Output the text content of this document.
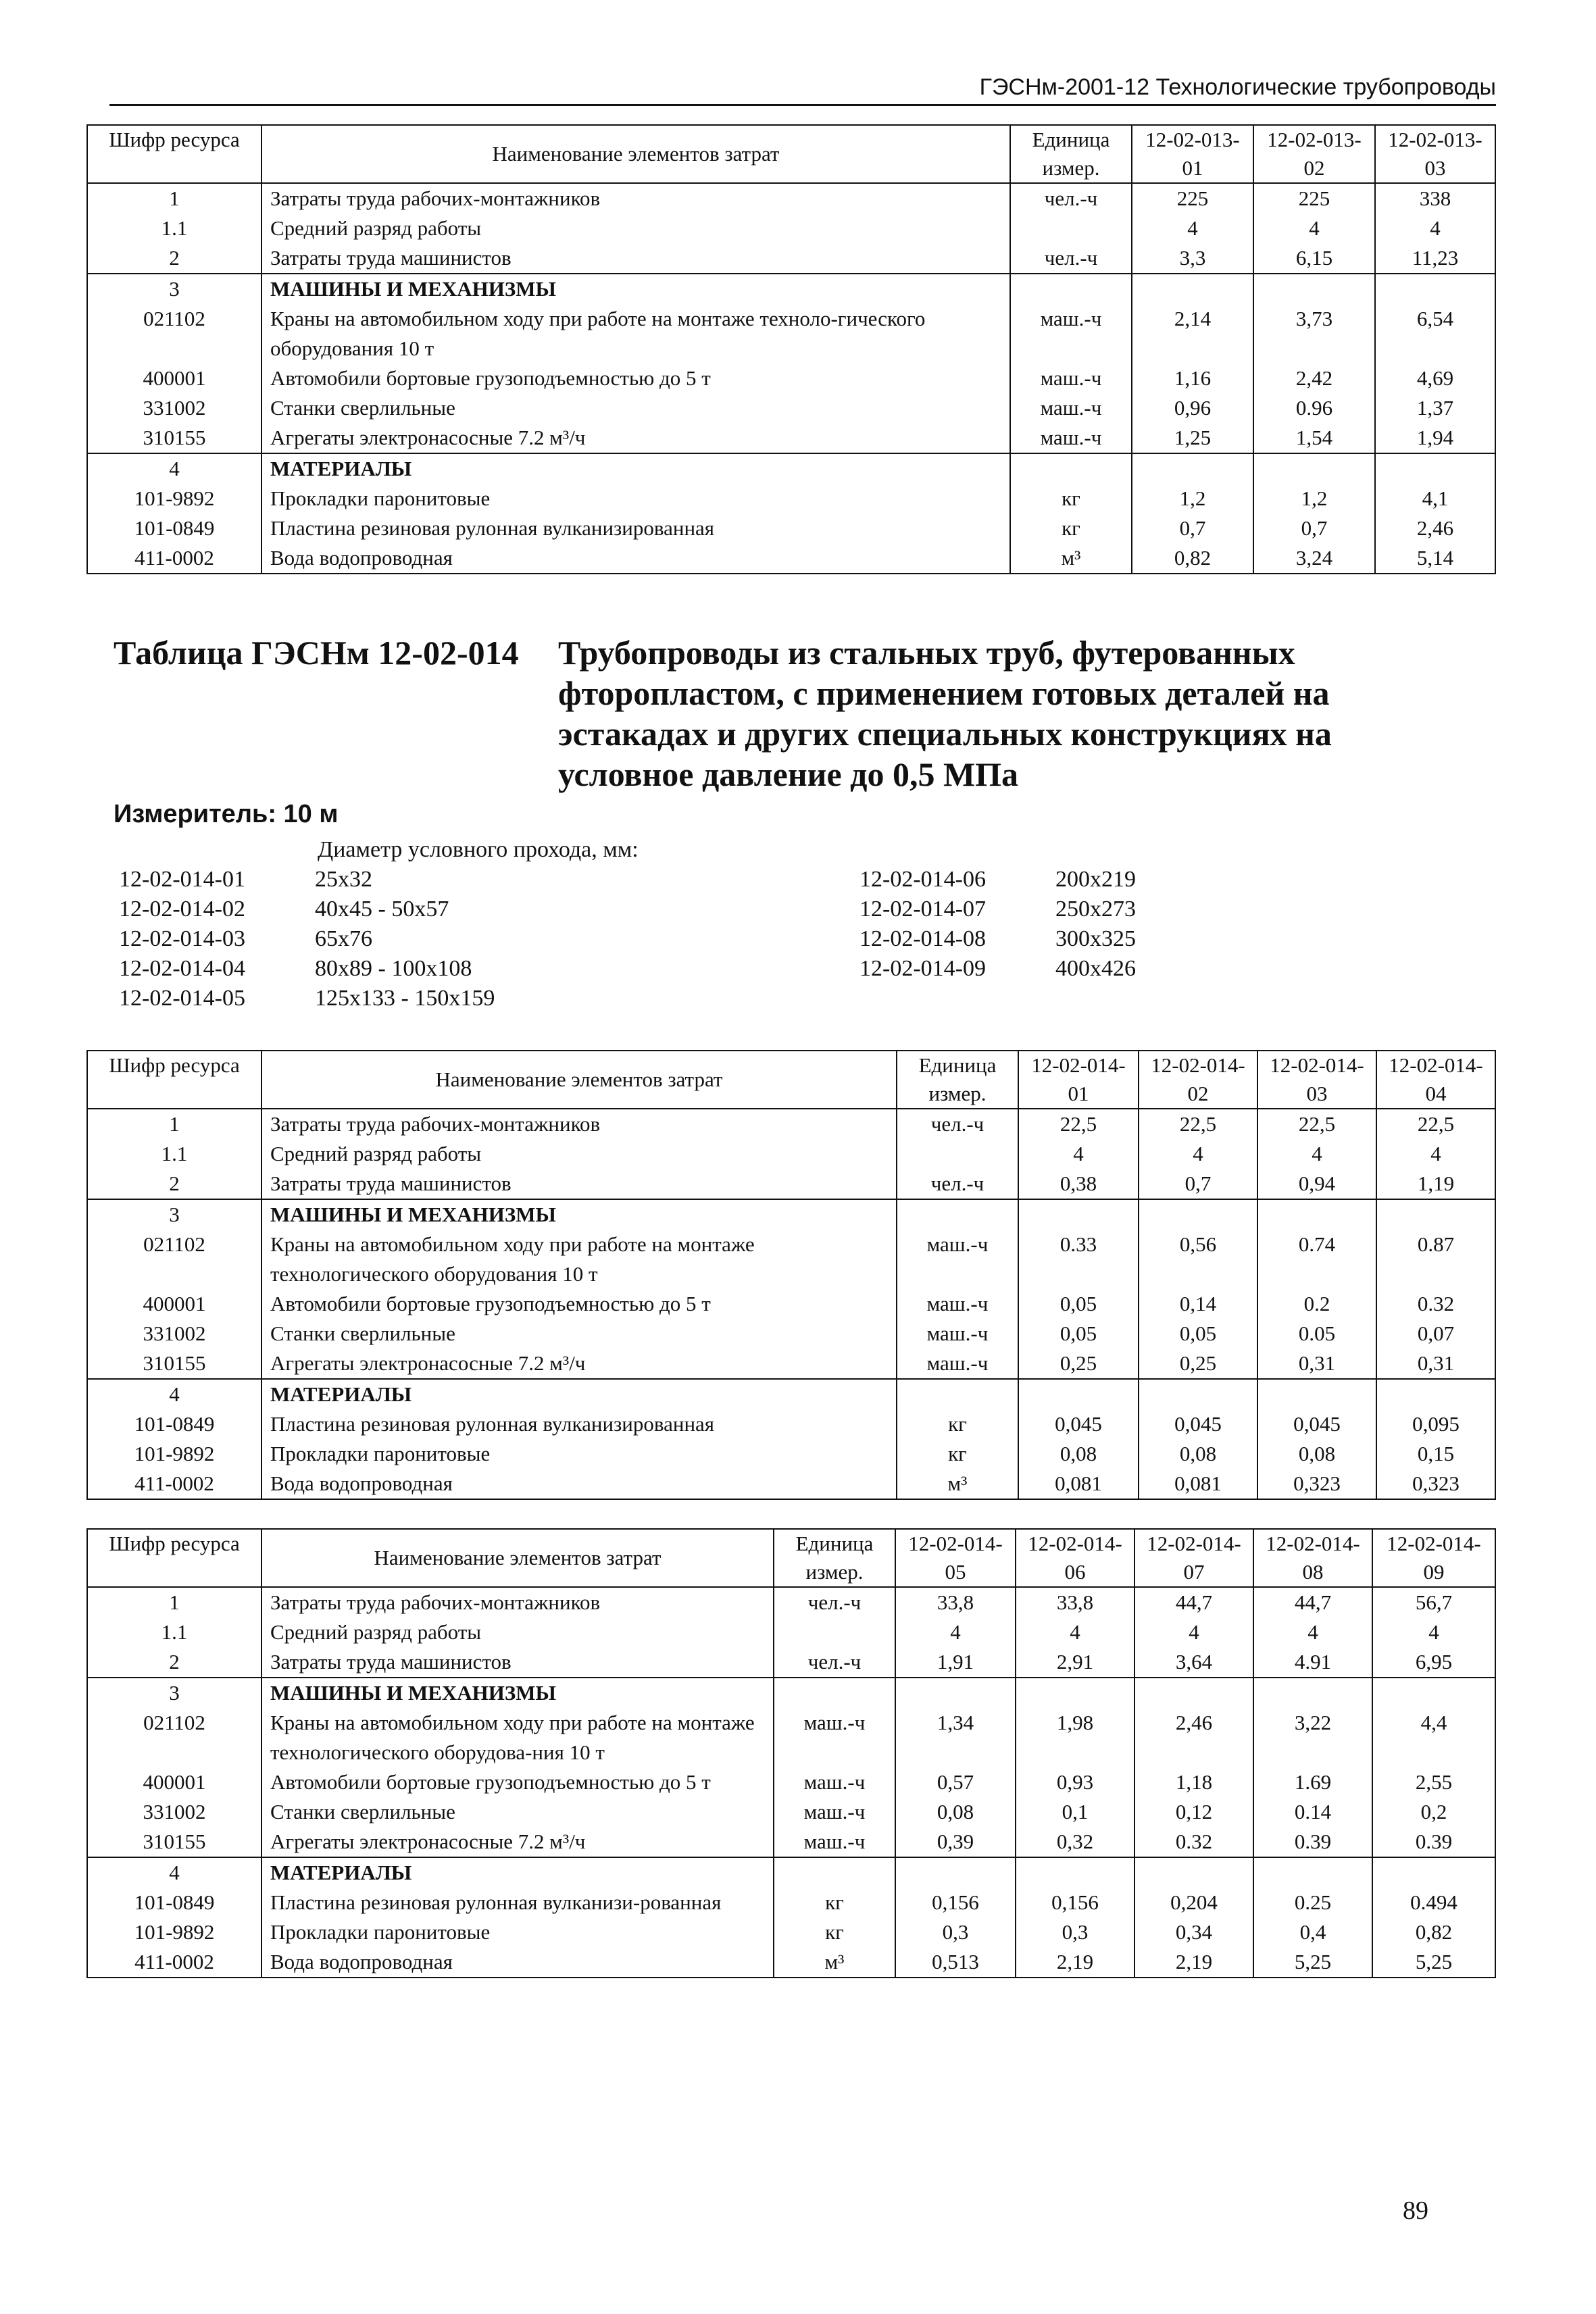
ГЭСНм-2001-12 Технологические трубопроводы
Шифр ресурса	Наименование элементов затрат	Единица измер.	12-02-013-01	12-02-013-02	12-02-013-03
1	Затраты труда рабочих-монтажников	чел.-ч	225	225	338
1.1	Средний разряд работы		4	4	4
2	Затраты труда машинистов	чел.-ч	3,3	6,15	11,23
3	МАШИНЫ И МЕХАНИЗМЫ				
021102	Краны на автомобильном ходу при работе на монтаже техноло-гического оборудования 10 т	маш.-ч	2,14	3,73	6,54
400001	Автомобили бортовые грузоподъемностью до 5 т	маш.-ч	1,16	2,42	4,69
331002	Станки сверлильные	маш.-ч	0,96	0.96	1,37
310155	Агрегаты электронасосные 7.2 м³/ч	маш.-ч	1,25	1,54	1,94
4	МАТЕРИАЛЫ				
101-9892	Прокладки паронитовые	кг	1,2	1,2	4,1
101-0849	Пластина резиновая рулонная вулканизированная	кг	0,7	0,7	2,46
411-0002	Вода водопроводная	м³	0,82	3,24	5,14
Таблица ГЭСНм 12-02-014 Трубопроводы из стальных труб, футерованных фторопластом, с применением готовых деталей на эстакадах и других специальных конструкциях на условное давление до 0,5 МПа
Измеритель: 10 м
Диаметр условного прохода, мм:
12-02-014-01	25x32
12-02-014-02	40x45 - 50x57
12-02-014-03	65x76
12-02-014-04	80x89 - 100x108
12-02-014-05	125x133 - 150x159
12-02-014-06	200x219
12-02-014-07	250x273
12-02-014-08	300x325
12-02-014-09	400x426
Шифр ресурса	Наименование элементов затрат	Единица измер.	12-02-014-01	12-02-014-02	12-02-014-03	12-02-014-04
1	Затраты труда рабочих-монтажников	чел.-ч	22,5	22,5	22,5	22,5
1.1	Средний разряд работы		4	4	4	4
2	Затраты труда машинистов	чел.-ч	0,38	0,7	0,94	1,19
3	МАШИНЫ И МЕХАНИЗМЫ					
021102	Краны на автомобильном ходу при работе на монтаже технологического оборудования 10 т	маш.-ч	0.33	0,56	0.74	0.87
400001	Автомобили бортовые грузоподъемностью до 5 т	маш.-ч	0,05	0,14	0.2	0.32
331002	Станки сверлильные	маш.-ч	0,05	0,05	0.05	0,07
310155	Агрегаты электронасосные 7.2 м³/ч	маш.-ч	0,25	0,25	0,31	0,31
4	МАТЕРИАЛЫ					
101-0849	Пластина резиновая рулонная вулканизированная	кг	0,045	0,045	0,045	0,095
101-9892	Прокладки паронитовые	кг	0,08	0,08	0,08	0,15
411-0002	Вода водопроводная	м³	0,081	0,081	0,323	0,323
Шифр ресурса	Наименование элементов затрат	Единица измер.	12-02-014-05	12-02-014-06	12-02-014-07	12-02-014-08	12-02-014-09
1	Затраты труда рабочих-монтажников	чел.-ч	33,8	33,8	44,7	44,7	56,7
1.1	Средний разряд работы		4	4	4	4	4
2	Затраты труда машинистов	чел.-ч	1,91	2,91	3,64	4.91	6,95
3	МАШИНЫ И МЕХАНИЗМЫ						
021102	Краны на автомобильном ходу при работе на монтаже технологического оборудова-ния 10 т	маш.-ч	1,34	1,98	2,46	3,22	4,4
400001	Автомобили бортовые грузоподъемностью до 5 т	маш.-ч	0,57	0,93	1,18	1.69	2,55
331002	Станки сверлильные	маш.-ч	0,08	0,1	0,12	0.14	0,2
310155	Агрегаты электронасосные 7.2 м³/ч	маш.-ч	0,39	0,32	0.32	0.39	0.39
4	МАТЕРИАЛЫ						
101-0849	Пластина резиновая рулонная вулканизи-рованная	кг	0,156	0,156	0,204	0.25	0.494
101-9892	Прокладки паронитовые	кг	0,3	0,3	0,34	0,4	0,82
411-0002	Вода водопроводная	м³	0,513	2,19	2,19	5,25	5,25
89
